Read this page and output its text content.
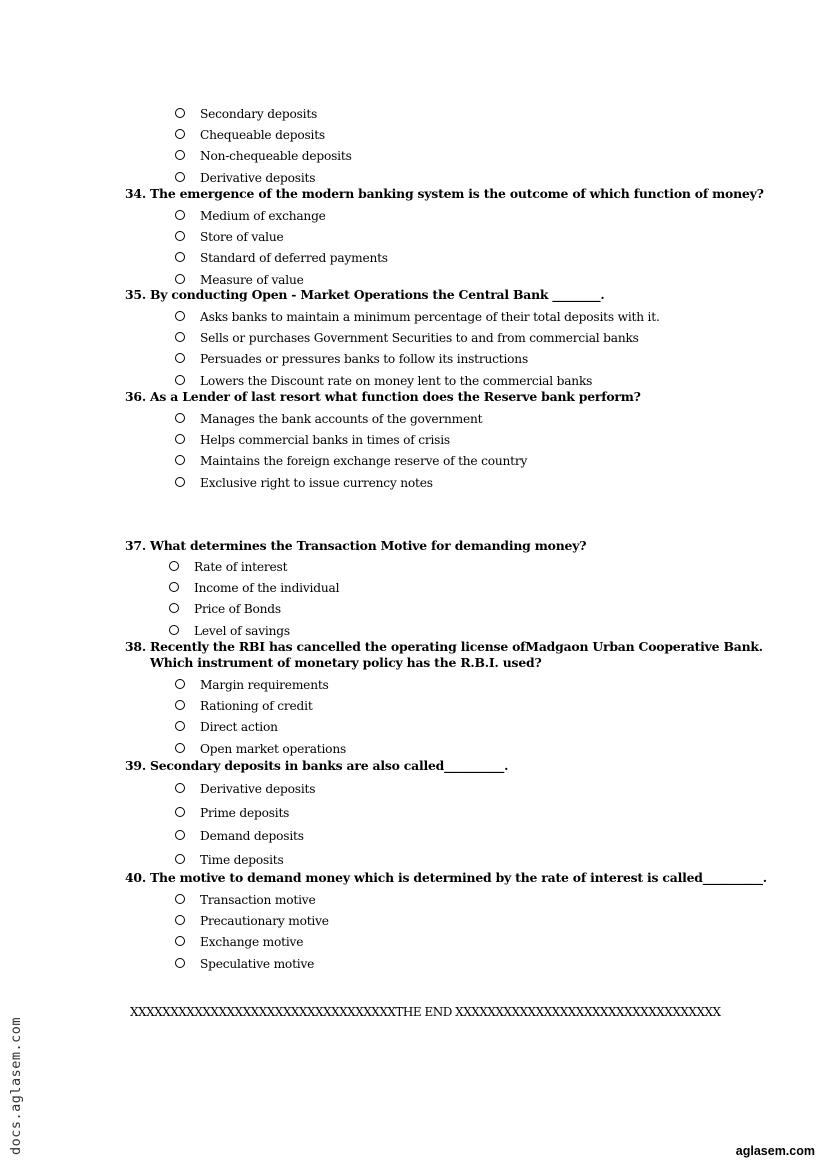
Secondary deposits
Chequeable deposits
Non-chequeable deposits
Derivative deposits
34. The emergence of the modern banking system is the outcome of which function of money?
Medium of exchange
Store of value
Standard of deferred payments
Measure of value
35. By conducting Open - Market Operations the Central Bank ________.
Asks banks to maintain a minimum percentage of their total deposits with it.
Sells or purchases Government Securities to and from commercial banks
Persuades or pressures banks to follow its instructions
Lowers the Discount rate on money lent to the commercial banks
36. As a Lender of last resort what function does the Reserve bank perform?
Manages the bank accounts of the government
Helps commercial banks in times of crisis
Maintains the foreign exchange reserve of the country
Exclusive right to issue currency notes
37. What determines the Transaction Motive for demanding money?
Rate of interest
Income of the individual
Price of Bonds
Level of savings
38. Recently the RBI has cancelled the operating license ofMadgaon Urban Cooperative Bank.
Which instrument of monetary policy has the R.B.I. used?
Margin requirements
Rationing of credit
Direct action
Open market operations
39. Secondary deposits in banks are also called__________.
Derivative deposits
Prime deposits
Demand deposits
Time deposits
40. The motive to demand money which is determined by the rate of interest is called__________.
Transaction motive
Precautionary motive
Exchange motive
Speculative motive
XXXXXXXXXXXXXXXXXXXXXXXXXXXXXXXXXTHE END XXXXXXXXXXXXXXXXXXXXXXXXXXXXXXXXX
docs.aglasem.com	aglasem.com
